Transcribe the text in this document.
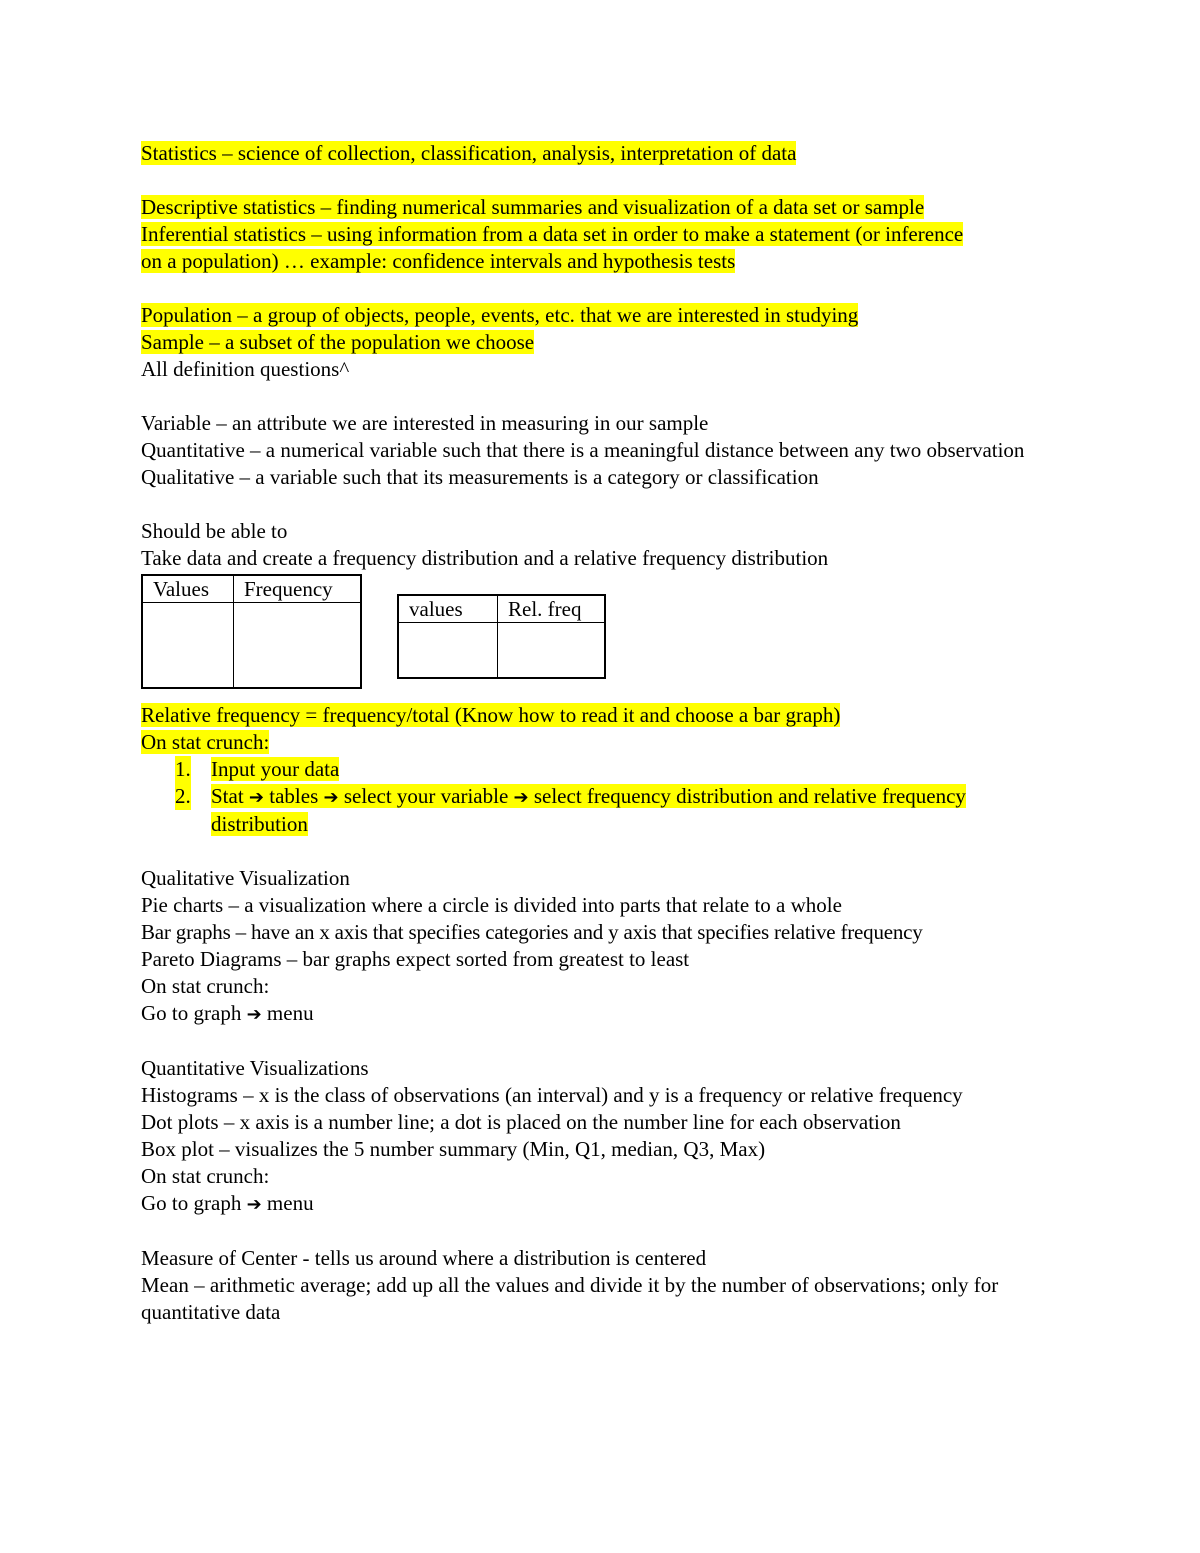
Statistics – science of collection, classification, analysis, interpretation of data
Descriptive statistics – finding numerical summaries and visualization of a data set or sample
Inferential statistics – using information from a data set in order to make a statement (or inference on a population) … example: confidence intervals and hypothesis tests
Population – a group of objects, people, events, etc. that we are interested in studying
Sample – a subset of the population we choose
All definition questions^
Variable – an attribute we are interested in measuring in our sample
Quantitative – a numerical variable such that there is a meaningful distance between any two observation
Qualitative – a variable such that its measurements is a category or classification
Should be able to
Take data and create a frequency distribution and a relative frequency distribution
Values	Frequency

values	Rel. freq

Relative frequency = frequency/total (Know how to read it and choose a bar graph)
On stat crunch:
1. Input your data
2. Stat ➔ tables ➔ select your variable ➔ select frequency distribution and relative frequency distribution
Qualitative Visualization
Pie charts – a visualization where a circle is divided into parts that relate to a whole
Bar graphs – have an x axis that specifies categories and y axis that specifies relative frequency
Pareto Diagrams – bar graphs expect sorted from greatest to least
On stat crunch:
Go to graph ➔ menu
Quantitative Visualizations
Histograms – x is the class of observations (an interval) and y is a frequency or relative frequency
Dot plots – x axis is a number line; a dot is placed on the number line for each observation
Box plot – visualizes the 5 number summary (Min, Q1, median, Q3, Max)
On stat crunch:
Go to graph ➔ menu
Measure of Center - tells us around where a distribution is centered
Mean – arithmetic average; add up all the values and divide it by the number of observations; only for quantitative data
